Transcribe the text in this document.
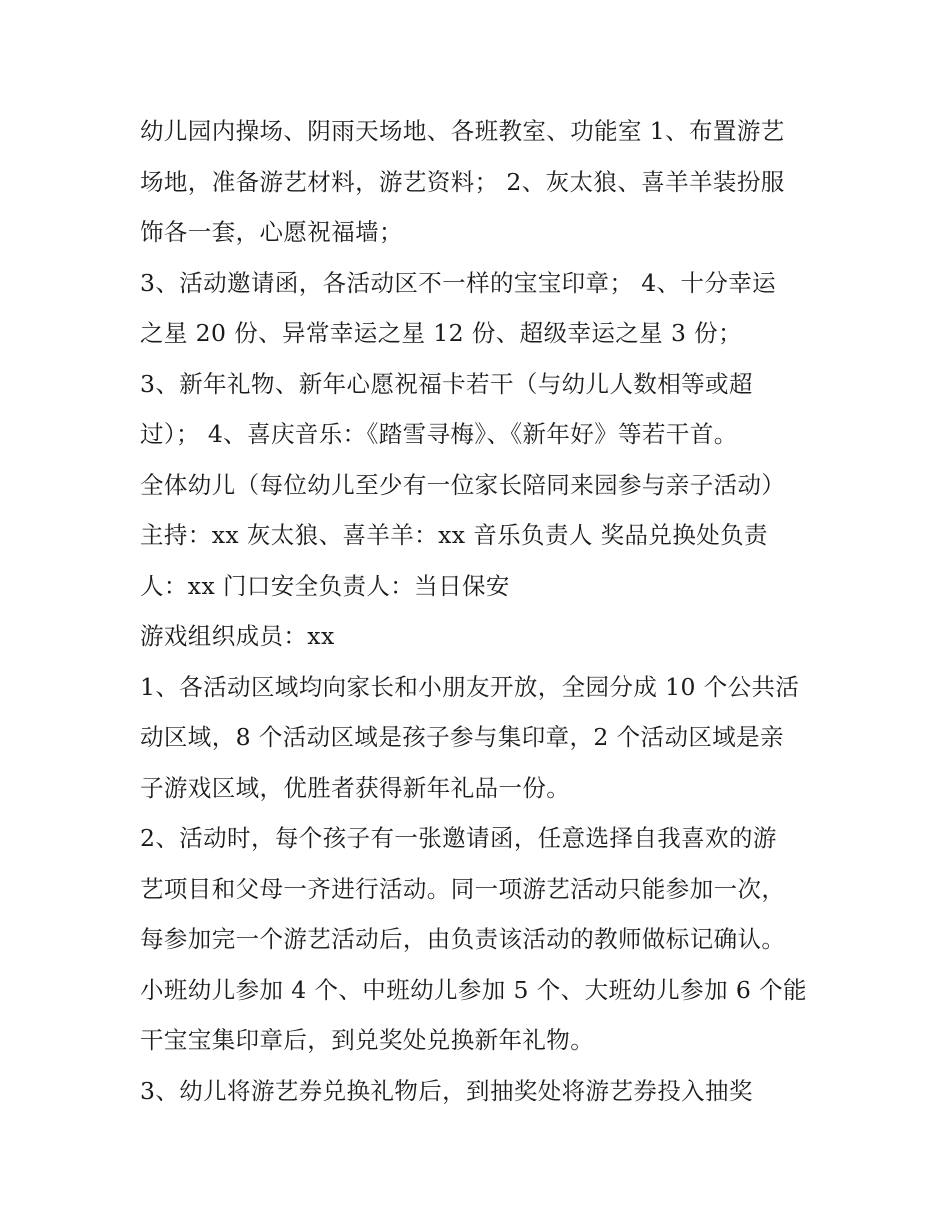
幼儿园内操场、阴雨天场地、各班教室、功能室 1、布置游艺
场地，准备游艺材料，游艺资料； 2、灰太狼、喜羊羊装扮服
饰各一套，心愿祝福墙；
3、活动邀请函，各活动区不一样的宝宝印章； 4、十分幸运
之星 20 份、异常幸运之星 12 份、超级幸运之星 3 份；
3、新年礼物、新年心愿祝福卡若干（与幼儿人数相等或超
过）； 4、喜庆音乐：《踏雪寻梅》、《新年好》等若干首。
全体幼儿（每位幼儿至少有一位家长陪同来园参与亲子活动）
主持：xx 灰太狼、喜羊羊：xx 音乐负责人 奖品兑换处负责
人：xx 门口安全负责人：当日保安
游戏组织成员：xx
1、各活动区域均向家长和小朋友开放，全园分成 10 个公共活
动区域，8 个活动区域是孩子参与集印章，2 个活动区域是亲
子游戏区域，优胜者获得新年礼品一份。
2、活动时，每个孩子有一张邀请函，任意选择自我喜欢的游
艺项目和父母一齐进行活动。同一项游艺活动只能参加一次，
每参加完一个游艺活动后，由负责该活动的教师做标记确认。
小班幼儿参加 4 个、中班幼儿参加 5 个、大班幼儿参加 6 个能
干宝宝集印章后，到兑奖处兑换新年礼物。
3、幼儿将游艺券兑换礼物后，到抽奖处将游艺券投入抽奖
